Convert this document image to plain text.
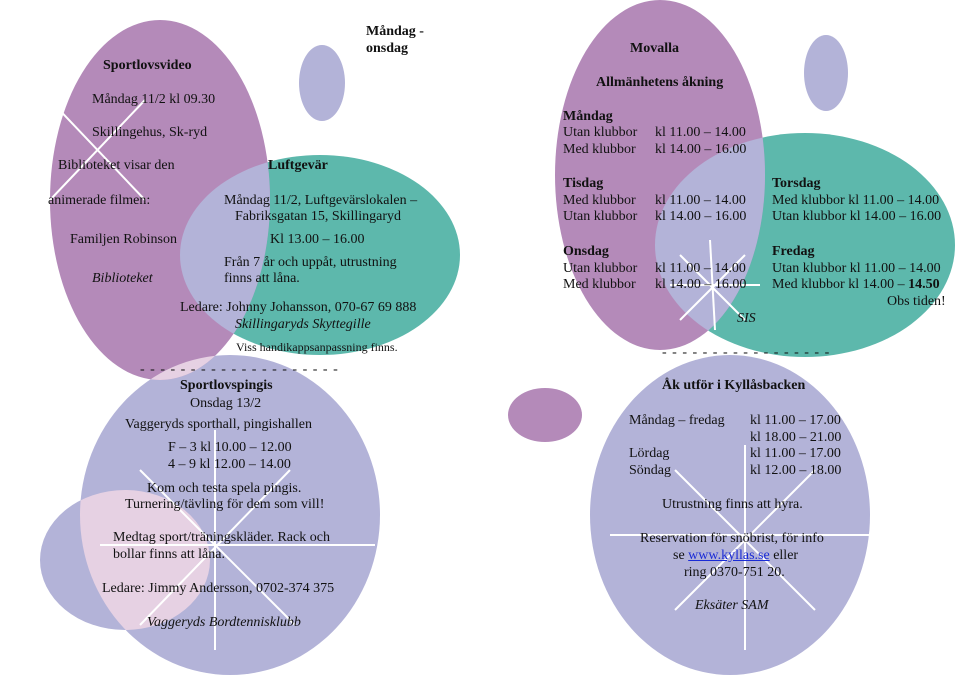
Måndag -
onsdag
Sportlovsvideo
Måndag 11/2 kl 09.30
Skillingehus, Sk-ryd
Biblioteket visar den
animerade filmen:
Familjen Robinson
Biblioteket
Luftgevär
Måndag 11/2, Luftgevärslokalen –
Fabriksgatan 15, Skillingaryd
Kl 13.00 – 16.00
Från 7 år och uppåt, utrustning
finns att låna.
Ledare: Johnny Johansson, 070-67 69 888
Skillingaryds Skyttegille
Viss handikappsanpassning finns.
- - - - - - - - - - - - - - - - - - - -
Sportlovspingis
Onsdag 13/2
Vaggeryds sporthall, pingishallen
F – 3 kl 10.00 – 12.00
4 – 9 kl 12.00 – 14.00
Kom och testa spela pingis.
Turnering/tävling för dem som vill!
Medtag sport/träningskläder. Rack och
bollar finns att låna.
Ledare: Jimmy Andersson, 0702-374 375
Vaggeryds Bordtennisklubb
Movalla
Allmänhetens åkning
Måndag
Utan klubbor kl 11.00 – 14.00
Med klubbor kl 14.00 – 16.00
Tisdag
Med klubbor kl 11.00 – 14.00
Utan klubbor kl 14.00 – 16.00
Onsdag
Utan klubbor kl 11.00 – 14.00
Med klubbor kl 14.00 – 16.00
Torsdag
Med klubbor kl 11.00 – 14.00
Utan klubbor kl 14.00 – 16.00
Fredag
Utan klubbor kl 11.00 – 14.00
Med klubbor kl 14.00 – 14.50
Obs tiden!
SIS
- - - - - - - - - - - - - - - - -
Åk utför i Kyllåsbacken
Måndag – fredag kl 11.00 – 17.00
kl 18.00 – 21.00
Lördag	kl 11.00 – 17.00
Söndag	kl 12.00 – 18.00
Utrustning finns att hyra.
Reservation för snöbrist, för info
se www.kyllas.se eller
ring 0370-751 20.
Eksäter SAM
